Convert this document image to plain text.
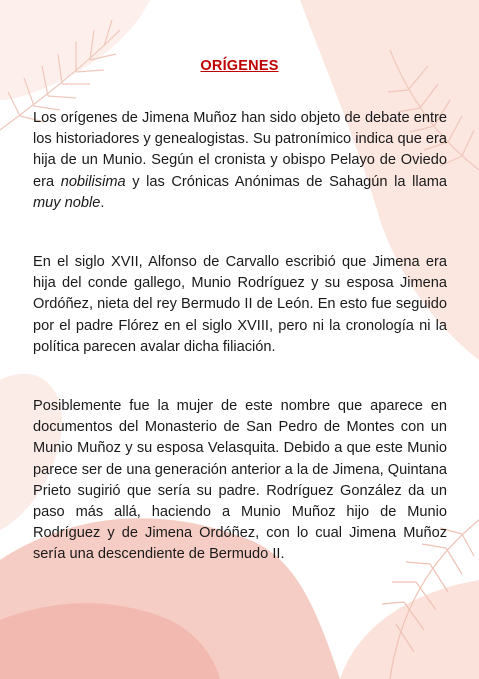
ORÍGENES

Los orígenes de Jimena Muñoz han sido objeto de debate entre los historiadores y genealogistas. Su patronímico indica que era hija de un Munio. Según el cronista y obispo Pelayo de Oviedo era nobilisima y las Crónicas Anónimas de Sahagún la llama muy noble.

En el siglo XVII, Alfonso de Carvallo escribió que Jimena era hija del conde gallego, Munio Rodríguez y su esposa Jimena Ordóñez, nieta del rey Bermudo II de León. En esto fue seguido por el padre Flórez en el siglo XVIII, pero ni la cronología ni la política parecen avalar dicha filiación.

Posiblemente fue la mujer de este nombre que aparece en documentos del Monasterio de San Pedro de Montes con un Munio Muñoz y su esposa Velasquita. Debido a que este Munio parece ser de una generación anterior a la de Jimena, Quintana Prieto sugirió que sería su padre. Rodríguez González da un paso más allá, haciendo a Munio Muñoz hijo de Munio Rodríguez y de Jimena Ordóñez, con lo cual Jimena Muñoz sería una descendiente de Bermudo II.
